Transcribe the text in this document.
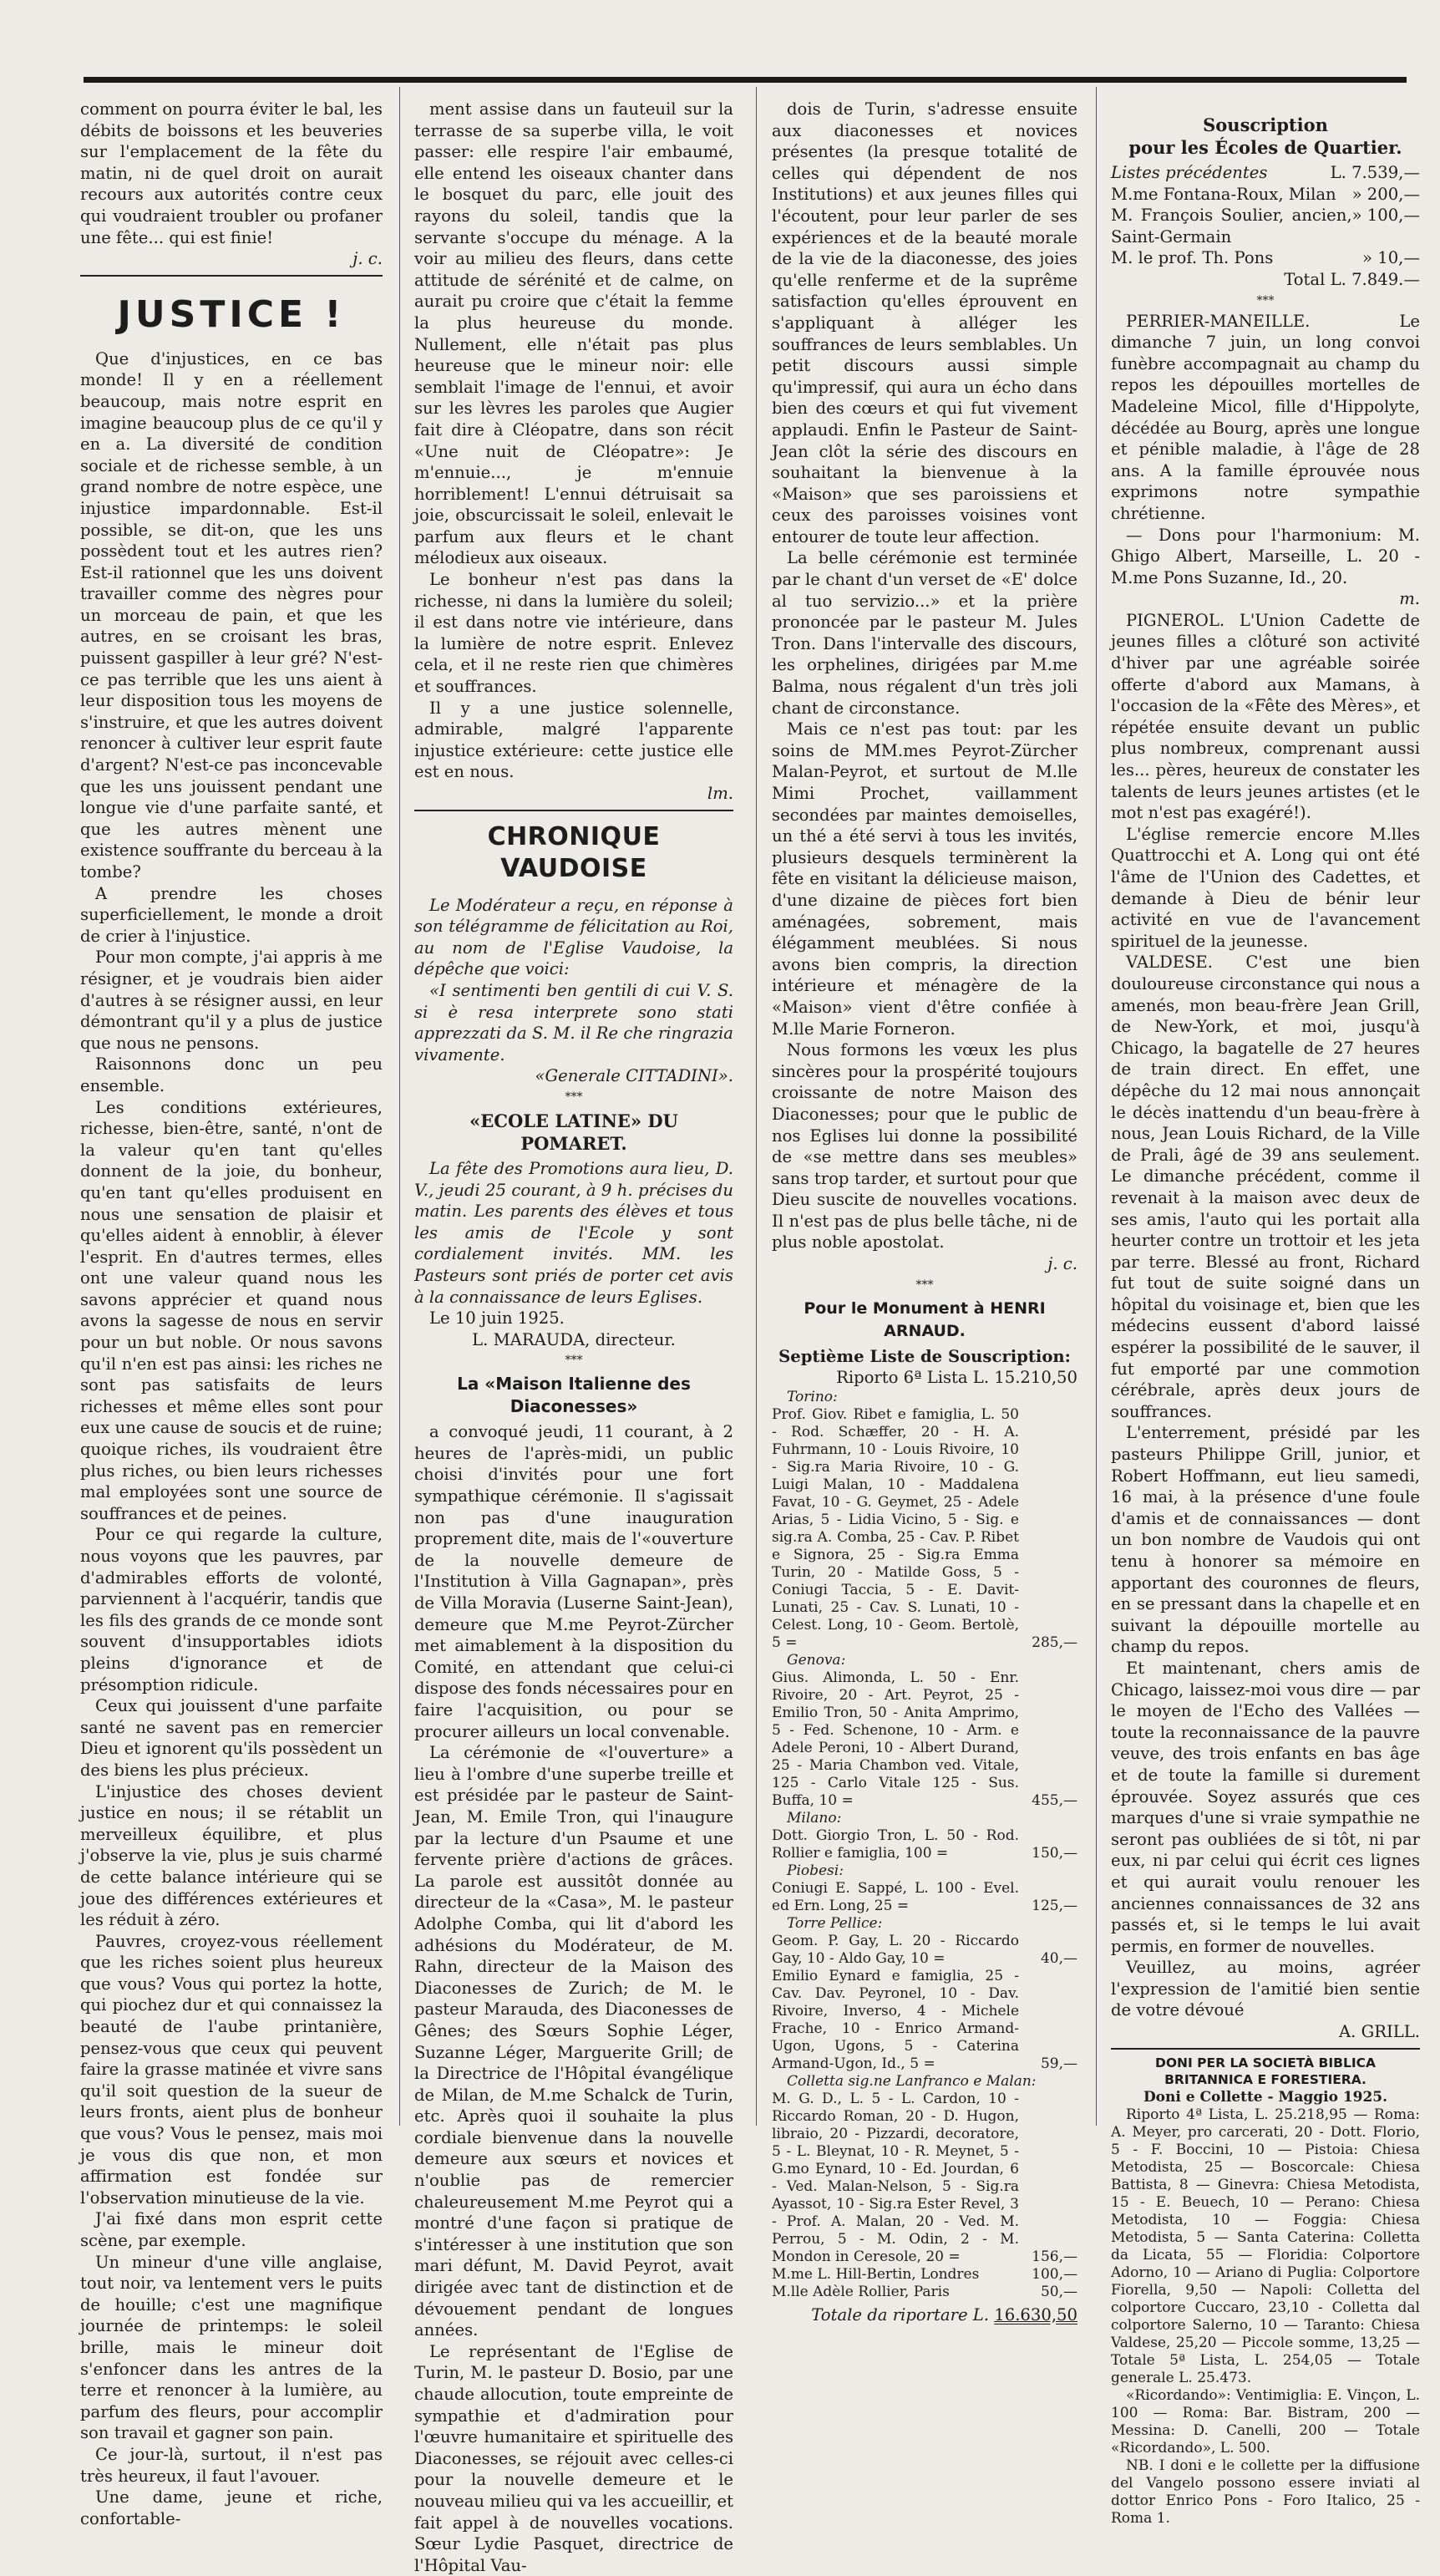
comment on pourra éviter le bal, les débits de boissons et les beuveries sur l'emplacement de la fête du matin, ni de quel droit on aurait recours aux autorités contre ceux qui voudraient troubler ou profaner une fête... qui est finie!

j. c.
JUSTICE !

Que d'injustices, en ce bas monde! Il y en a réellement beaucoup, mais notre esprit en imagine beaucoup plus de ce qu'il y en a. La diversité de condition sociale et de richesse semble, à un grand nombre de notre espèce, une injustice impardonnable. Est-il possible, se dit-on, que les uns possèdent tout et les autres rien? Est-il rationnel que les uns doivent travailler comme des nègres pour un morceau de pain, et que les autres, en se croisant les bras, puissent gaspiller à leur gré? N'est-ce pas terrible que les uns aient à leur disposition tous les moyens de s'instruire, et que les autres doivent renoncer à cultiver leur esprit faute d'argent? N'est-ce pas inconcevable que les uns jouissent pendant une longue vie d'une parfaite santé, et que les autres mènent une existence souffrante du berceau à la tombe?

A prendre les choses superficiellement, le monde a droit de crier à l'injustice.

Pour mon compte, j'ai appris à me résigner, et je voudrais bien aider d'autres à se résigner aussi, en leur démontrant qu'il y a plus de justice que nous ne pensons.

Raisonnons donc un peu ensemble.

Les conditions extérieures, richesse, bien-être, santé, n'ont de la valeur qu'en tant qu'elles donnent de la joie, du bonheur, qu'en tant qu'elles produisent en nous une sensation de plaisir et qu'elles aident à ennoblir, à élever l'esprit. En d'autres termes, elles ont une valeur quand nous les savons apprécier et quand nous avons la sagesse de nous en servir pour un but noble. Or nous savons qu'il n'en est pas ainsi: les riches ne sont pas satisfaits de leurs richesses et même elles sont pour eux une cause de soucis et de ruine; quoique riches, ils voudraient être plus riches, ou bien leurs richesses mal employées sont une source de souffrances et de peines.

Pour ce qui regarde la culture, nous voyons que les pauvres, par d'admirables efforts de volonté, parviennent à l'acquérir, tandis que les fils des grands de ce monde sont souvent d'insupportables idiots pleins d'ignorance et de présomption ridicule.

Ceux qui jouissent d'une parfaite santé ne savent pas en remercier Dieu et ignorent qu'ils possèdent un des biens les plus précieux.

L'injustice des choses devient justice en nous; il se rétablit un merveilleux équilibre, et plus j'observe la vie, plus je suis charmé de cette balance intérieure qui se joue des différences extérieures et les réduit à zéro.

Pauvres, croyez-vous réellement que les riches soient plus heureux que vous? Vous qui portez la hotte, qui piochez dur et qui connaissez la beauté de l'aube printanière, pensez-vous que ceux qui peuvent faire la grasse matinée et vivre sans qu'il soit question de la sueur de leurs fronts, aient plus de bonheur que vous? Vous le pensez, mais moi je vous dis que non, et mon affirmation est fondée sur l'observation minutieuse de la vie.

J'ai fixé dans mon esprit cette scène, par exemple.

Un mineur d'une ville anglaise, tout noir, va lentement vers le puits de houille; c'est une magnifique journée de printemps: le soleil brille, mais le mineur doit s'enfoncer dans les antres de la terre et renoncer à la lumière, au parfum des fleurs, pour accomplir son travail et gagner son pain.

Ce jour-là, surtout, il n'est pas très heureux, il faut l'avouer.

Une dame, jeune et riche, confortable-

ment assise dans un fauteuil sur la terrasse de sa superbe villa, le voit passer: elle respire l'air embaumé, elle entend les oiseaux chanter dans le bosquet du parc, elle jouit des rayons du soleil, tandis que la servante s'occupe du ménage. A la voir au milieu des fleurs, dans cette attitude de sérénité et de calme, on aurait pu croire que c'était la femme la plus heureuse du monde. Nullement, elle n'était pas plus heureuse que le mineur noir: elle semblait l'image de l'ennui, et avoir sur les lèvres les paroles que Augier fait dire à Cléopatre, dans son récit «Une nuit de Cléopatre»: Je m'ennuie..., je m'ennuie horriblement! L'ennui détruisait sa joie, obscurcissait le soleil, enlevait le parfum aux fleurs et le chant mélodieux aux oiseaux.

Le bonheur n'est pas dans la richesse, ni dans la lumière du soleil; il est dans notre vie intérieure, dans la lumière de notre esprit. Enlevez cela, et il ne reste rien que chimères et souffrances.

Il y a une justice solennelle, admirable, malgré l'apparente injustice extérieure: cette justice elle est en nous.

lm.
CHRONIQUE VAUDOISE

Le Modérateur a reçu, en réponse à son télégramme de félicitation au Roi, au nom de l'Eglise Vaudoise, la dépêche que voici:

«I sentimenti ben gentili di cui V. S. si è resa interprete sono stati apprezzati da S. M. il Re che ringrazia vivamente.

«Generale CITTADINI».
***
«ECOLE LATINE» DU POMARET.

La fête des Promotions aura lieu, D. V., jeudi 25 courant, à 9 h. précises du matin. Les parents des élèves et tous les amis de l'Ecole y sont cordialement invités. MM. les Pasteurs sont priés de porter cet avis à la connaissance de leurs Eglises.

Le 10 juin 1925.

L. MARAUDA, directeur.
***
La «Maison Italienne des Diaconesses»

a convoqué jeudi, 11 courant, à 2 heures de l'après-midi, un public choisi d'invités pour une fort sympathique cérémonie. Il s'agissait non pas d'une inauguration proprement dite, mais de l'«ouverture de la nouvelle demeure de l'Institution à Villa Gagnapan», près de Villa Moravia (Luserne Saint-Jean), demeure que M.me Peyrot-Zürcher met aimablement à la disposition du Comité, en attendant que celui-ci dispose des fonds nécessaires pour en faire l'acquisition, ou pour se procurer ailleurs un local convenable.

La cérémonie de «l'ouverture» a lieu à l'ombre d'une superbe treille et est présidée par le pasteur de Saint-Jean, M. Emile Tron, qui l'inaugure par la lecture d'un Psaume et une fervente prière d'actions de grâces. La parole est aussitôt donnée au directeur de la «Casa», M. le pasteur Adolphe Comba, qui lit d'abord les adhésions du Modérateur, de M. Rahn, directeur de la Maison des Diaconesses de Zurich; de M. le pasteur Marauda, des Diaconesses de Gênes; des Sœurs Sophie Léger, Suzanne Léger, Marguerite Grill; de la Directrice de l'Hôpital évangélique de Milan, de M.me Schalck de Turin, etc. Après quoi il souhaite la plus cordiale bienvenue dans la nouvelle demeure aux sœurs et novices et n'oublie pas de remercier chaleureusement M.me Peyrot qui a montré d'une façon si pratique de s'intéresser à une institution que son mari défunt, M. David Peyrot, avait dirigée avec tant de distinction et de dévouement pendant de longues années.

Le représentant de l'Eglise de Turin, M. le pasteur D. Bosio, par une chaude allocution, toute empreinte de sympathie et d'admiration pour l'œuvre humanitaire et spirituelle des Diaconesses, se réjouit avec celles-ci pour la nouvelle demeure et le nouveau milieu qui va les accueillir, et fait appel à de nouvelles vocations. Sœur Lydie Pasquet, directrice de l'Hôpital Vau-

dois de Turin, s'adresse ensuite aux diaconesses et novices présentes (la presque totalité de celles qui dépendent de nos Institutions) et aux jeunes filles qui l'écoutent, pour leur parler de ses expériences et de la beauté morale de la vie de la diaconesse, des joies qu'elle renferme et de la suprême satisfaction qu'elles éprouvent en s'appliquant à alléger les souffrances de leurs semblables. Un petit discours aussi simple qu'impressif, qui aura un écho dans bien des cœurs et qui fut vivement applaudi. Enfin le Pasteur de Saint-Jean clôt la série des discours en souhaitant la bienvenue à la «Maison» que ses paroissiens et ceux des paroisses voisines vont entourer de toute leur affection.

La belle cérémonie est terminée par le chant d'un verset de «E' dolce al tuo servizio...» et la prière prononcée par le pasteur M. Jules Tron. Dans l'intervalle des discours, les orphelines, dirigées par M.me Balma, nous régalent d'un très joli chant de circonstance.

Mais ce n'est pas tout: par les soins de MM.mes Peyrot-Zürcher Malan-Peyrot, et surtout de M.lle Mimi Prochet, vaillamment secondées par maintes demoiselles, un thé a été servi à tous les invités, plusieurs desquels terminèrent la fête en visitant la délicieuse maison, d'une dizaine de pièces fort bien aménagées, sobrement, mais élégamment meublées. Si nous avons bien compris, la direction intérieure et ménagère de la «Maison» vient d'être confiée à M.lle Marie Forneron.

Nous formons les vœux les plus sincères pour la prospérité toujours croissante de notre Maison des Diaconesses; pour que le public de nos Eglises lui donne la possibilité de «se mettre dans ses meubles» sans trop tarder, et surtout pour que Dieu suscite de nouvelles vocations. Il n'est pas de plus belle tâche, ni de plus noble apostolat.

j. c.
***
Pour le Monument à HENRI ARNAUD.
Septième Liste de Souscription:
Riporto 6ª Lista L. 15.210,50
Torino:
Prof. Giov. Ribet e famiglia, L. 50 - Rod. Schæffer, 20 - H. A. Fuhrmann, 10 - Louis Rivoire, 10 - Sig.ra Maria Rivoire, 10 - G. Luigi Malan, 10 - Maddalena Favat, 10 - G. Geymet, 25 - Adele Arias, 5 - Lidia Vicino, 5 - Sig. e sig.ra A. Comba, 25 - Cav. P. Ribet e Signora, 25 - Sig.ra Emma Turin, 20 - Matilde Goss, 5 - Coniugi Taccia, 5 - E. Davit-Lunati, 25 - Cav. S. Lunati, 10 - Celest. Long, 10 - Geom. Bertolè, 5 =	285,—
Genova:
Gius. Alimonda, L. 50 - Enr. Rivoire, 20 - Art. Peyrot, 25 - Emilio Tron, 50 - Anita Amprimo, 5 - Fed. Schenone, 10 - Arm. e Adele Peroni, 10 - Albert Durand, 25 - Maria Chambon ved. Vitale, 125 - Carlo Vitale 125 - Sus. Buffa, 10 =	455,—
Milano:
Dott. Giorgio Tron, L. 50 - Rod. Rollier e famiglia, 100 =	150,—
Piobesi:
Coniugi E. Sappé, L. 100 - Evel. ed Ern. Long, 25 =	125,—
Torre Pellice:
Geom. P. Gay, L. 20 - Riccardo Gay, 10 - Aldo Gay, 10 =	40,—
Emilio Eynard e famiglia, 25 - Cav. Dav. Peyronel, 10 - Dav. Rivoire, Inverso, 4 - Michele Frache, 10 - Enrico Armand-Ugon, Ugons, 5 - Caterina Armand-Ugon, Id., 5 =	59,—
Colletta sig.ne Lanfranco e Malan:
M. G. D., L. 5 - L. Cardon, 10 - Riccardo Roman, 20 - D. Hugon, libraio, 20 - Pizzardi, decoratore, 5 - L. Bleynat, 10 - R. Meynet, 5 - G.mo Eynard, 10 - Ed. Jourdan, 6 - Ved. Malan-Nelson, 5 - Sig.ra Ayassot, 10 - Sig.ra Ester Revel, 3 - Prof. A. Malan, 20 - Ved. M. Perrou, 5 - M. Odin, 2 - M. Mondon in Ceresole, 20 =	156,—
M.me L. Hill-Bertin, Londres	100,—
M.lle Adèle Rollier, Paris	50,—
Totale da riportare L. 16.630,50
Souscription
pour les Écoles de Quartier.
Listes précédentes	L. 7.539,—
M.me Fontana-Roux, Milan » 200,—
M. François Soulier, ancien, Saint-Germain
» 100,—
M. le prof. Th. Pons	» 10,—
Total L. 7.849.—
***

PERRIER-MANEILLE. Le dimanche 7 juin, un long convoi funèbre accompagnait au champ du repos les dépouilles mortelles de Madeleine Micol, fille d'Hippolyte, décédée au Bourg, après une longue et pénible maladie, à l'âge de 28 ans. A la famille éprouvée nous exprimons notre sympathie chrétienne.

— Dons pour l'harmonium: M. Ghigo Albert, Marseille, L. 20 - M.me Pons Suzanne, Id., 20.

m.

PIGNEROL. L'Union Cadette de jeunes filles a clôturé son activité d'hiver par une agréable soirée offerte d'abord aux Mamans, à l'occasion de la «Fête des Mères», et répétée ensuite devant un public plus nombreux, comprenant aussi les... pères, heureux de constater les talents de leurs jeunes artistes (et le mot n'est pas exagéré!).

L'église remercie encore M.lles Quattrocchi et A. Long qui ont été l'âme de l'Union des Cadettes, et demande à Dieu de bénir leur activité en vue de l'avancement spirituel de la jeunesse.

VALDESE. C'est une bien douloureuse circonstance qui nous a amenés, mon beau-frère Jean Grill, de New-York, et moi, jusqu'à Chicago, la bagatelle de 27 heures de train direct. En effet, une dépêche du 12 mai nous annonçait le décès inattendu d'un beau-frère à nous, Jean Louis Richard, de la Ville de Prali, âgé de 39 ans seulement. Le dimanche précédent, comme il revenait à la maison avec deux de ses amis, l'auto qui les portait alla heurter contre un trottoir et les jeta par terre. Blessé au front, Richard fut tout de suite soigné dans un hôpital du voisinage et, bien que les médecins eussent d'abord laissé espérer la possibilité de le sauver, il fut emporté par une commotion cérébrale, après deux jours de souffrances.

L'enterrement, présidé par les pasteurs Philippe Grill, junior, et Robert Hoffmann, eut lieu samedi, 16 mai, à la présence d'une foule d'amis et de connaissances — dont un bon nombre de Vaudois qui ont tenu à honorer sa mémoire en apportant des couronnes de fleurs, en se pressant dans la chapelle et en suivant la dépouille mortelle au champ du repos.

Et maintenant, chers amis de Chicago, laissez-moi vous dire — par le moyen de l'Echo des Vallées — toute la reconnaissance de la pauvre veuve, des trois enfants en bas âge et de toute la famille si durement éprouvée. Soyez assurés que ces marques d'une si vraie sympathie ne seront pas oubliées de si tôt, ni par eux, ni par celui qui écrit ces lignes et qui aurait voulu renouer les anciennes connaissances de 32 ans passés et, si le temps le lui avait permis, en former de nouvelles.

Veuillez, au moins, agréer l'expression de l'amitié bien sentie de votre dévoué

A. GRILL.
DONI PER LA SOCIETÀ BIBLICA BRITANNICA E FORESTIERA.
Doni e Collette - Maggio 1925.

Riporto 4ª Lista, L. 25.218,95 — Roma: A. Meyer, pro carcerati, 20 - Dott. Florio, 5 - F. Boccini, 10 — Pistoia: Chiesa Metodista, 25 — Boscorcale: Chiesa Battista, 8 — Ginevra: Chiesa Metodista, 15 - E. Beuech, 10 — Perano: Chiesa Metodista, 10 — Foggia: Chiesa Metodista, 5 — Santa Caterina: Colletta da Licata, 55 — Floridia: Colportore Adorno, 10 — Ariano di Puglia: Colportore Fiorella, 9,50 — Napoli: Colletta del colportore Cuccaro, 23,10 - Colletta dal colportore Salerno, 10 — Taranto: Chiesa Valdese, 25,20 — Piccole somme, 13,25 — Totale 5ª Lista, L. 254,05 — Totale generale L. 25.473.

«Ricordando»: Ventimiglia: E. Vinçon, L. 100 — Roma: Bar. Bistram, 200 — Messina: D. Canelli, 200 — Totale «Ricordando», L. 500.

NB. I doni e le collette per la diffusione del Vangelo possono essere inviati al dottor Enrico Pons - Foro Italico, 25 - Roma 1.
